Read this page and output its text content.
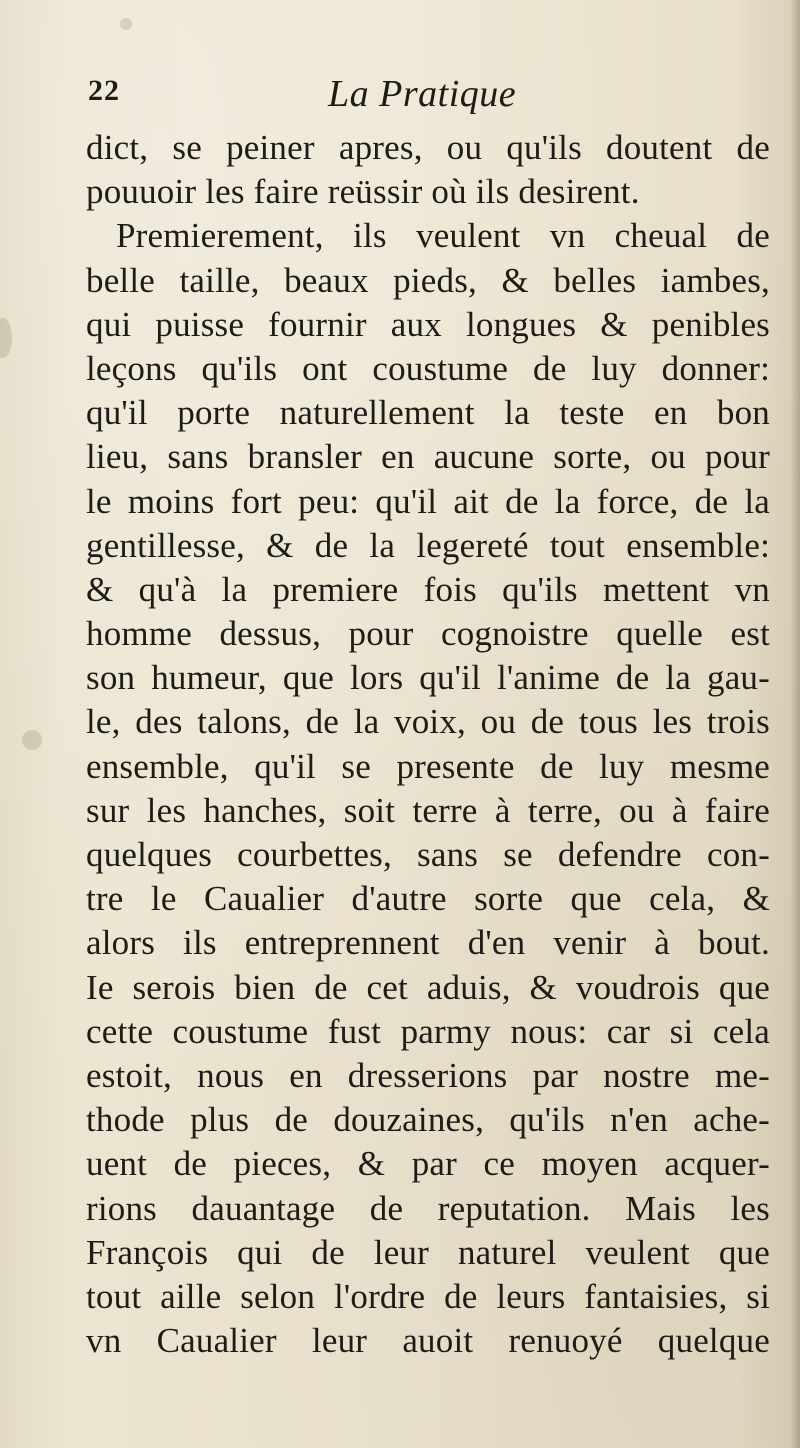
22	La Pratique
dict, se peiner apres, ou qu'ils doutent de
pouuoir les faire reüssir où ils desirent.
Premierement, ils veulent vn cheual de
belle taille, beaux pieds, & belles iambes,
qui puisse fournir aux longues & penibles
leçons qu'ils ont coustume de luy donner:
qu'il porte naturellement la teste en bon
lieu, sans bransler en aucune sorte, ou pour
le moins fort peu: qu'il ait de la force, de la
gentillesse, & de la legereté tout ensemble:
& qu'à la premiere fois qu'ils mettent vn
homme dessus, pour cognoistre quelle est
son humeur, que lors qu'il l'anime de la gau-
le, des talons, de la voix, ou de tous les trois
ensemble, qu'il se presente de luy mesme
sur les hanches, soit terre à terre, ou à faire
quelques courbettes, sans se defendre con-
tre le Caualier d'autre sorte que cela, &
alors ils entreprennent d'en venir à bout.
Ie serois bien de cet aduis, & voudrois que
cette coustume fust parmy nous: car si cela
estoit, nous en dresserions par nostre me-
thode plus de douzaines, qu'ils n'en ache-
uent de pieces, & par ce moyen acquer-
rions dauantage de reputation. Mais les
François qui de leur naturel veulent que
tout aille selon l'ordre de leurs fantaisies, si
vn Caualier leur auoit renuoyé quelque
